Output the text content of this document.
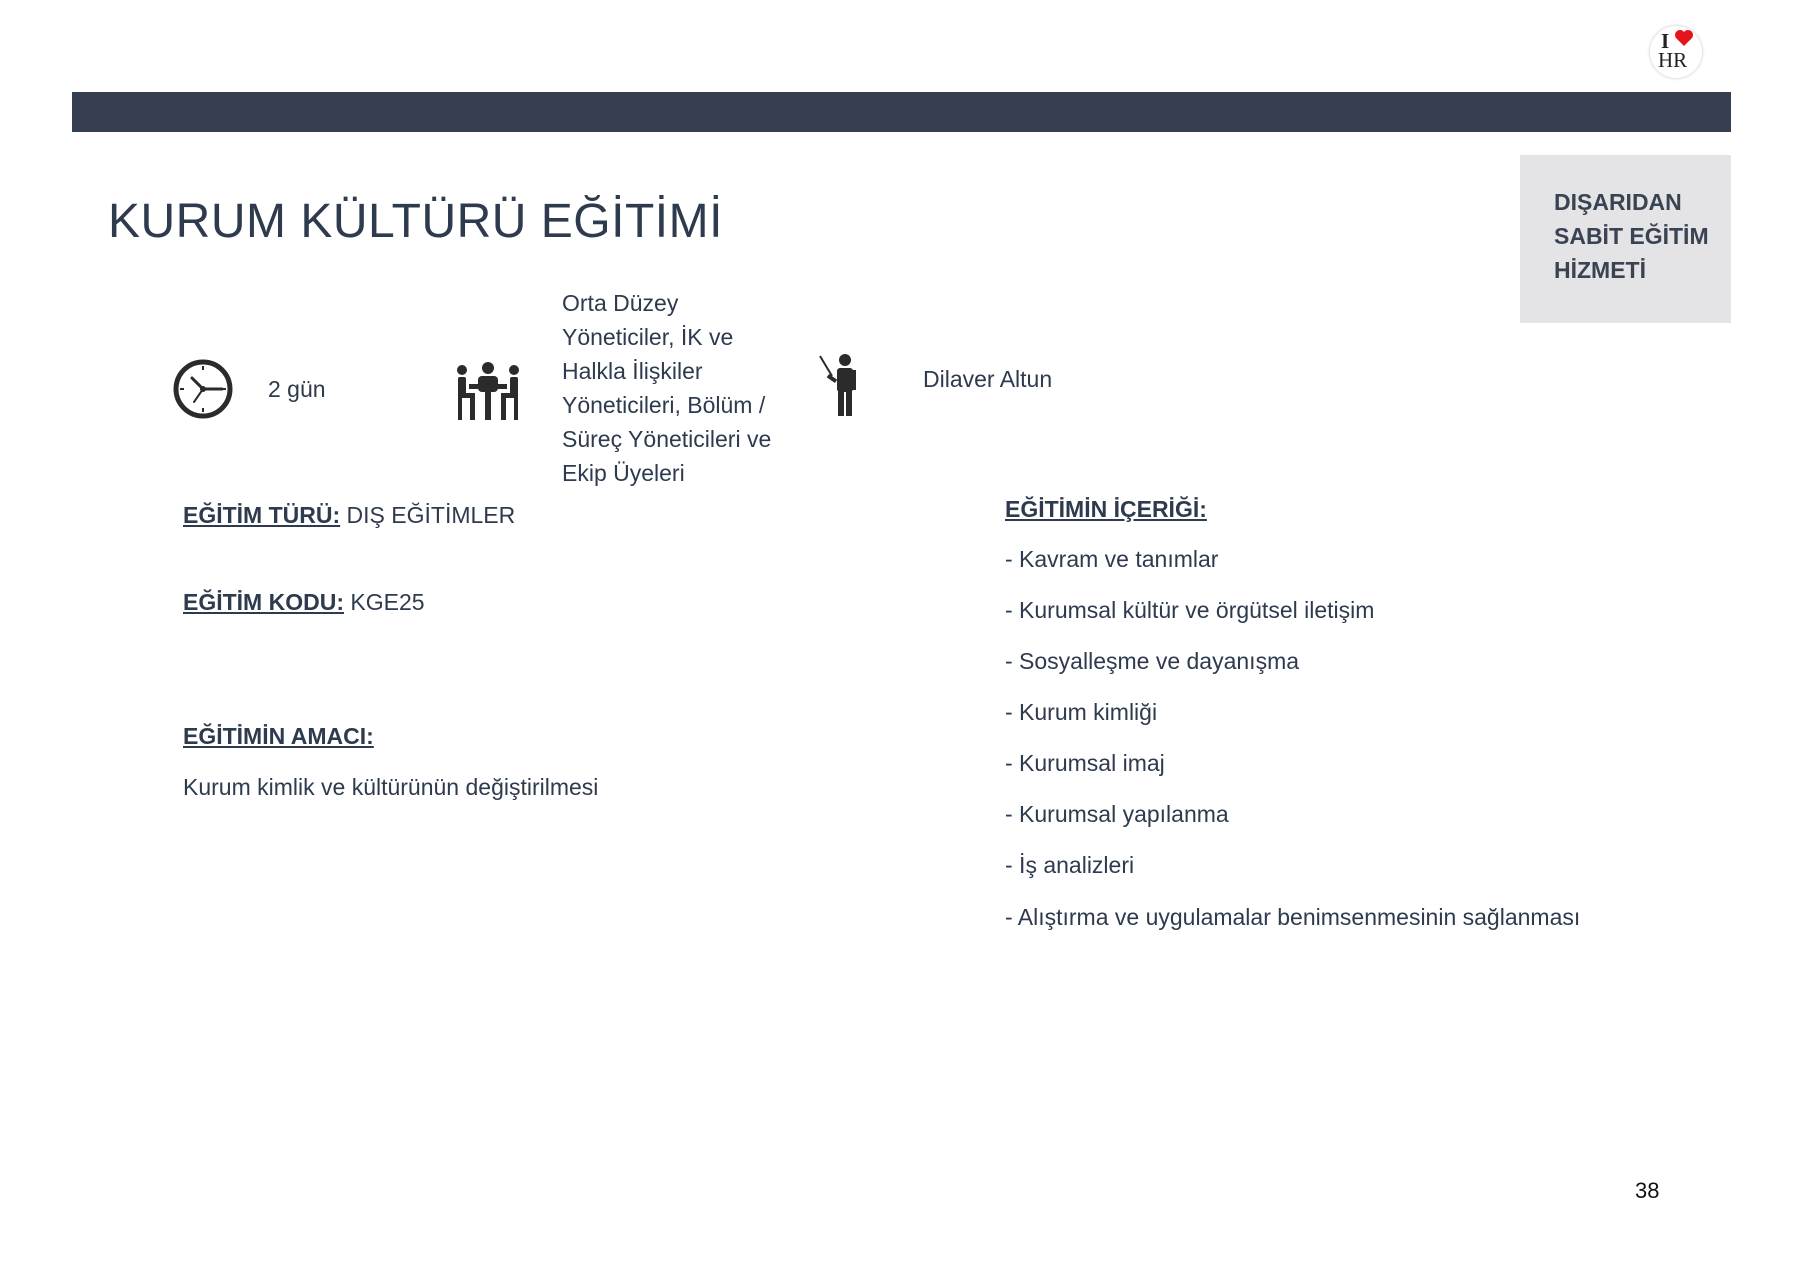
I
HR
DIŞARIDAN
SABİT EĞİTİM
HİZMETİ
KURUM KÜLTÜRÜ EĞİTİMİ
2 gün
Orta Düzey
Yöneticiler, İK ve
Halkla İlişkiler
Yöneticileri, Bölüm /
Süreç Yöneticileri ve
Ekip Üyeleri
Dilaver Altun
EĞİTİM TÜRÜ: DIŞ EĞİTİMLER
EĞİTİM KODU: KGE25
EĞİTİMİN AMACI:
Kurum kimlik ve kültürünün değiştirilmesi
EĞİTİMİN İÇERİĞİ:
- Kavram ve tanımlar
- Kurumsal kültür ve örgütsel iletişim
- Sosyalleşme ve dayanışma
- Kurum kimliği
- Kurumsal imaj
- Kurumsal yapılanma
- İş analizleri
- Alıştırma ve uygulamalar benimsenmesinin sağlanması
38
